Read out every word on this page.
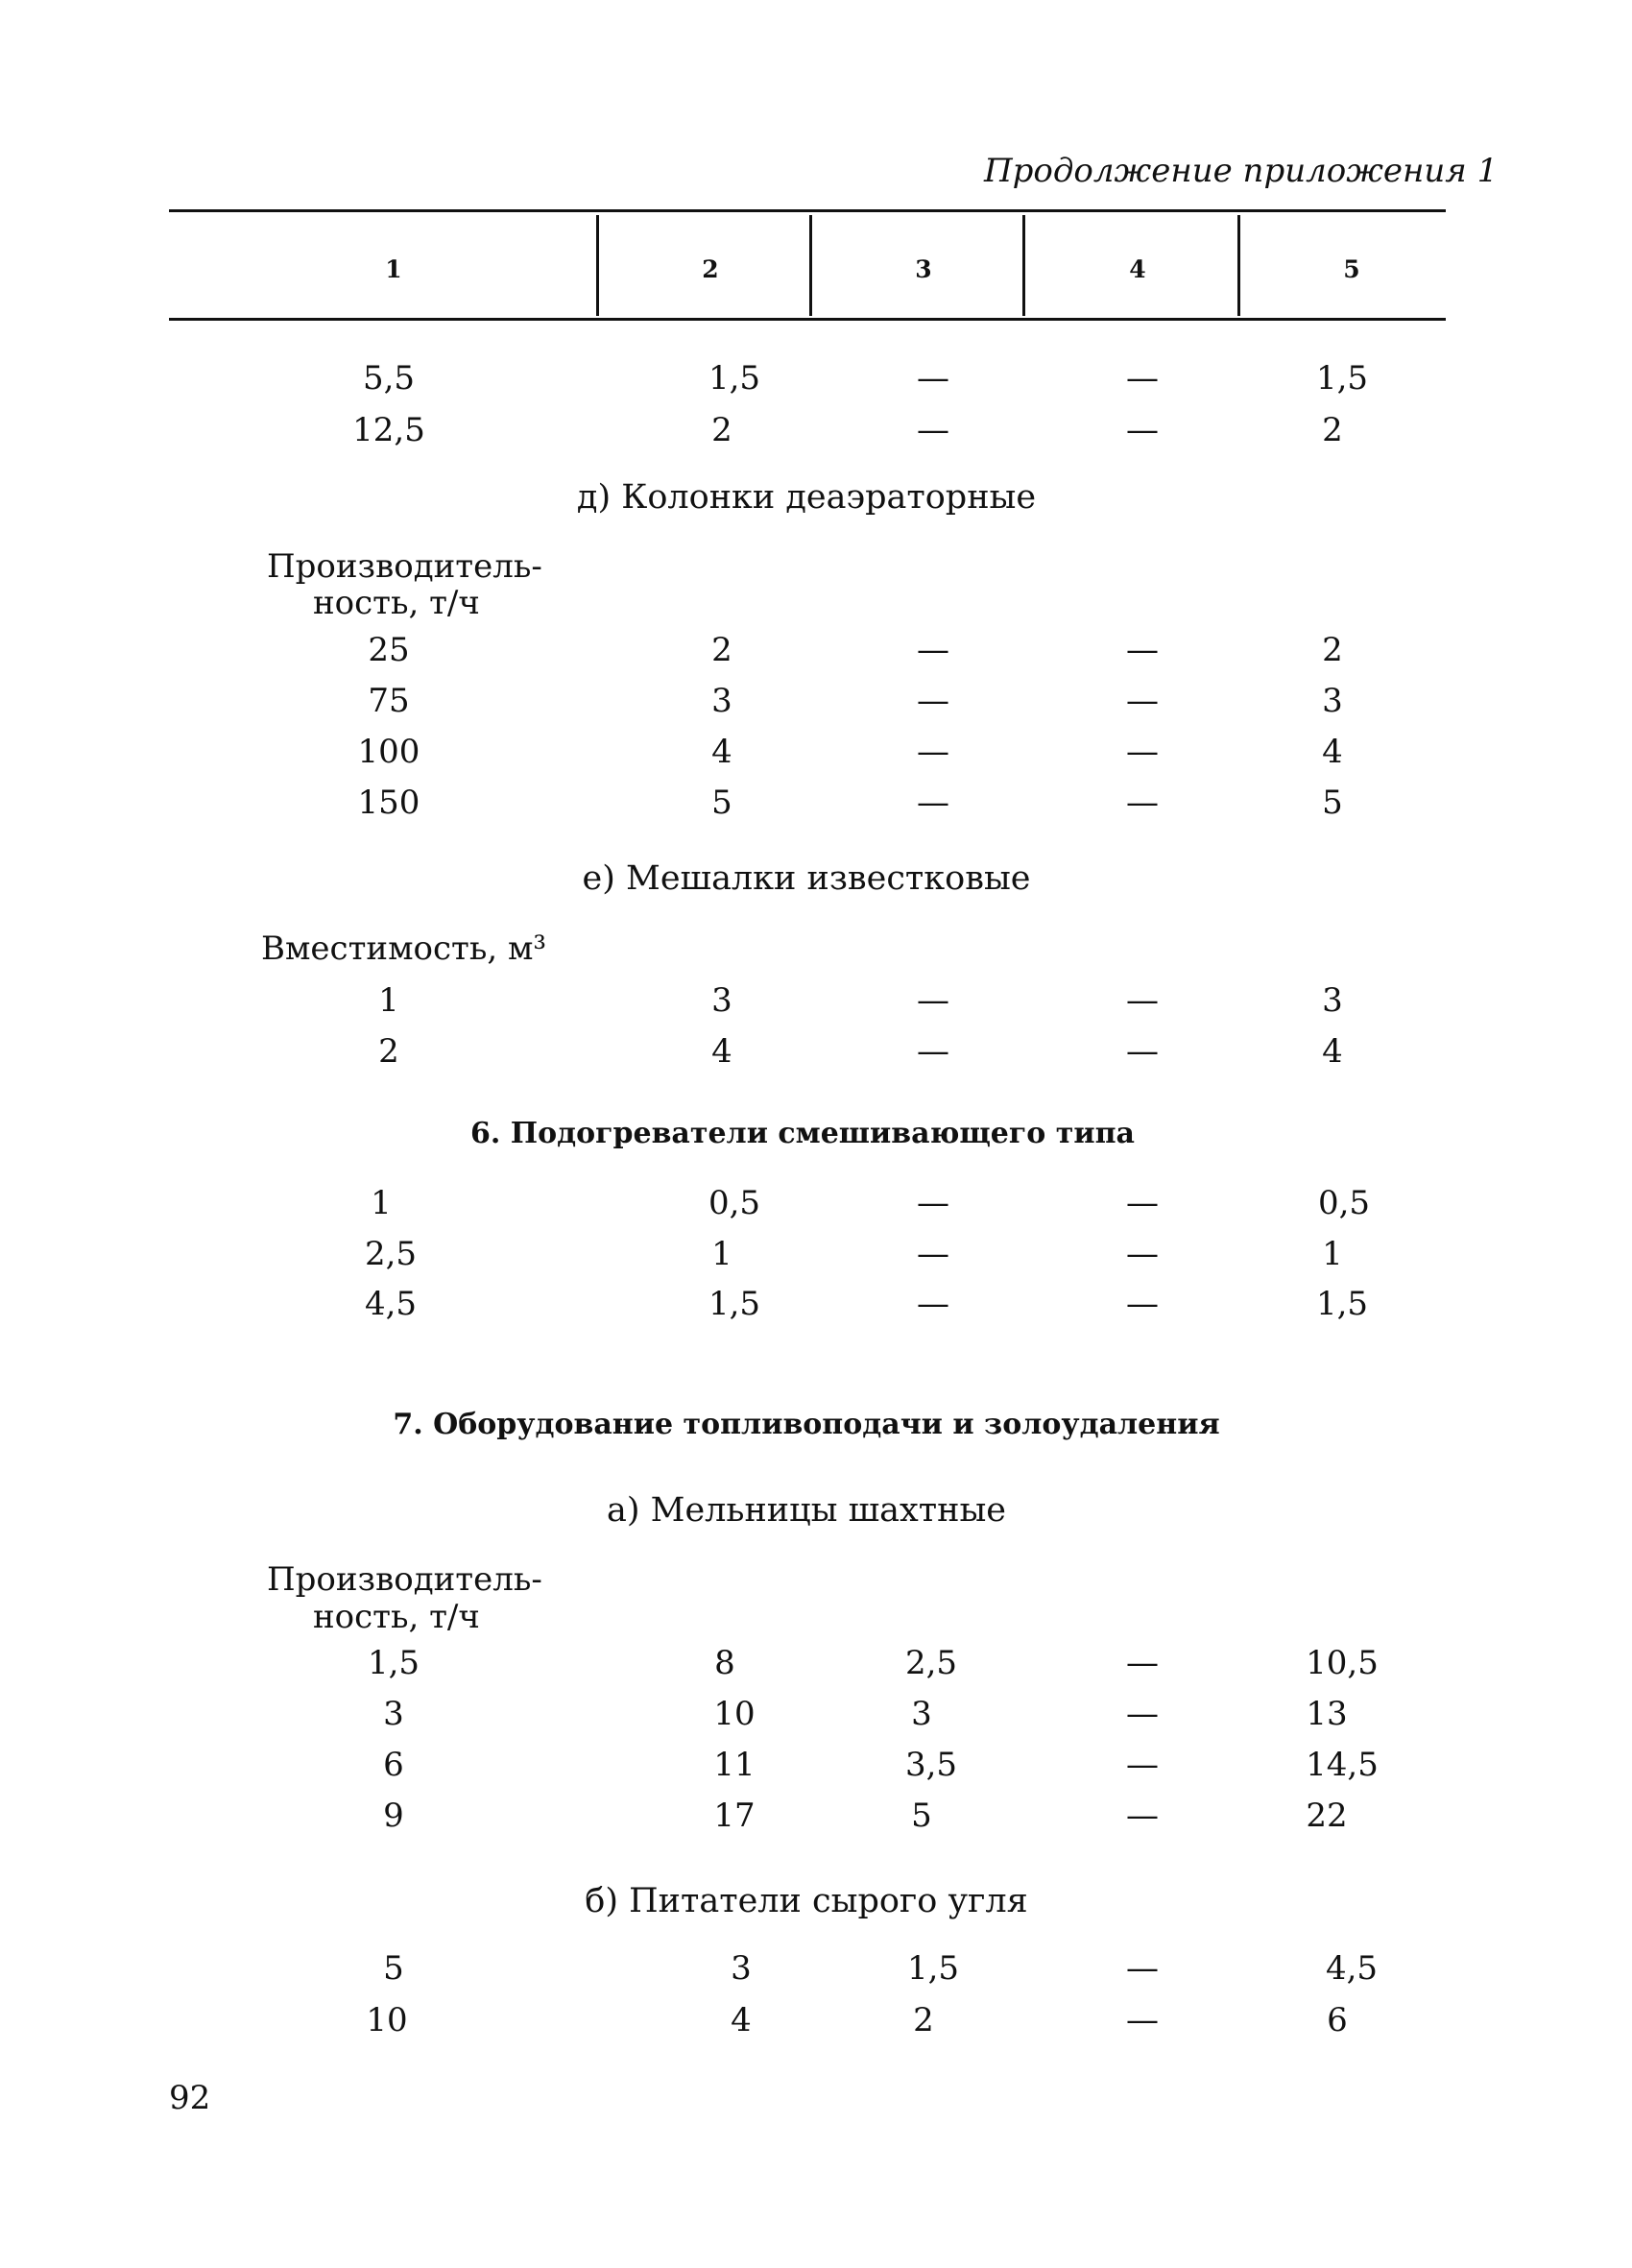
Продолжение приложения 1
1	2	3	4	5
5,5	1,5	—	—	1,5
12,5	2	—	—	2
д) Колонки деаэраторные
Производитель-
ность, т/ч
25	2	—	—	2
75	3	—	—	3
100	4	—	—	4
150	5	—	—	5
е) Мешалки известковые
Вместимость, м³
1	3	—	—	3
2	4	—	—	4
6. Подогреватели смешивающего типа
1	0,5	—	—	0,5
2,5	1	—	—	1
4,5	1,5	—	—	1,5
7. Оборудование топливоподачи и золоудаления
а) Мельницы шахтные
Производитель-
ность, т/ч
1,5	8	2,5	—	10,5
3	10	3	—	13
6	11	3,5	—	14,5
9	17	5	—	22
б) Питатели сырого угля
5	3	1,5	—	4,5
10	4	2	—	6
92
